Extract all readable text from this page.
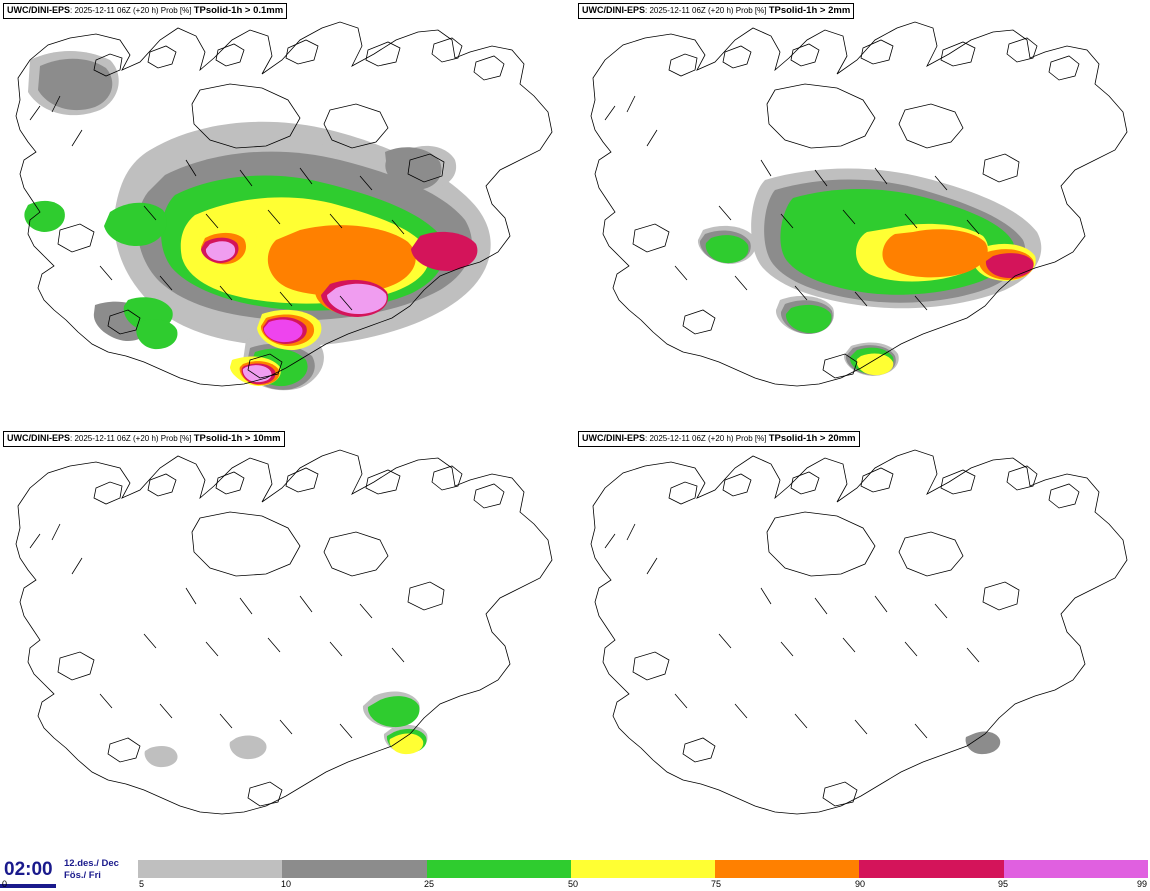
UWC/DINI-EPS: 2025-12-11 06Z (+20 h) Prob [%] TPsolid-1h > 0.1mm	UWC/DINI-EPS: 2025-12-11 06Z (+20 h) Prob [%] TPsolid-1h > 2mm
UWC/DINI-EPS: 2025-12-11 06Z (+20 h) Prob [%] TPsolid-1h > 10mm	UWC/DINI-EPS: 2025-12-11 06Z (+20 h) Prob [%] TPsolid-1h > 20mm
02:00 12.des./ Dec
Fös./ Fri
5	10	25	50	75	90	95	99
0
